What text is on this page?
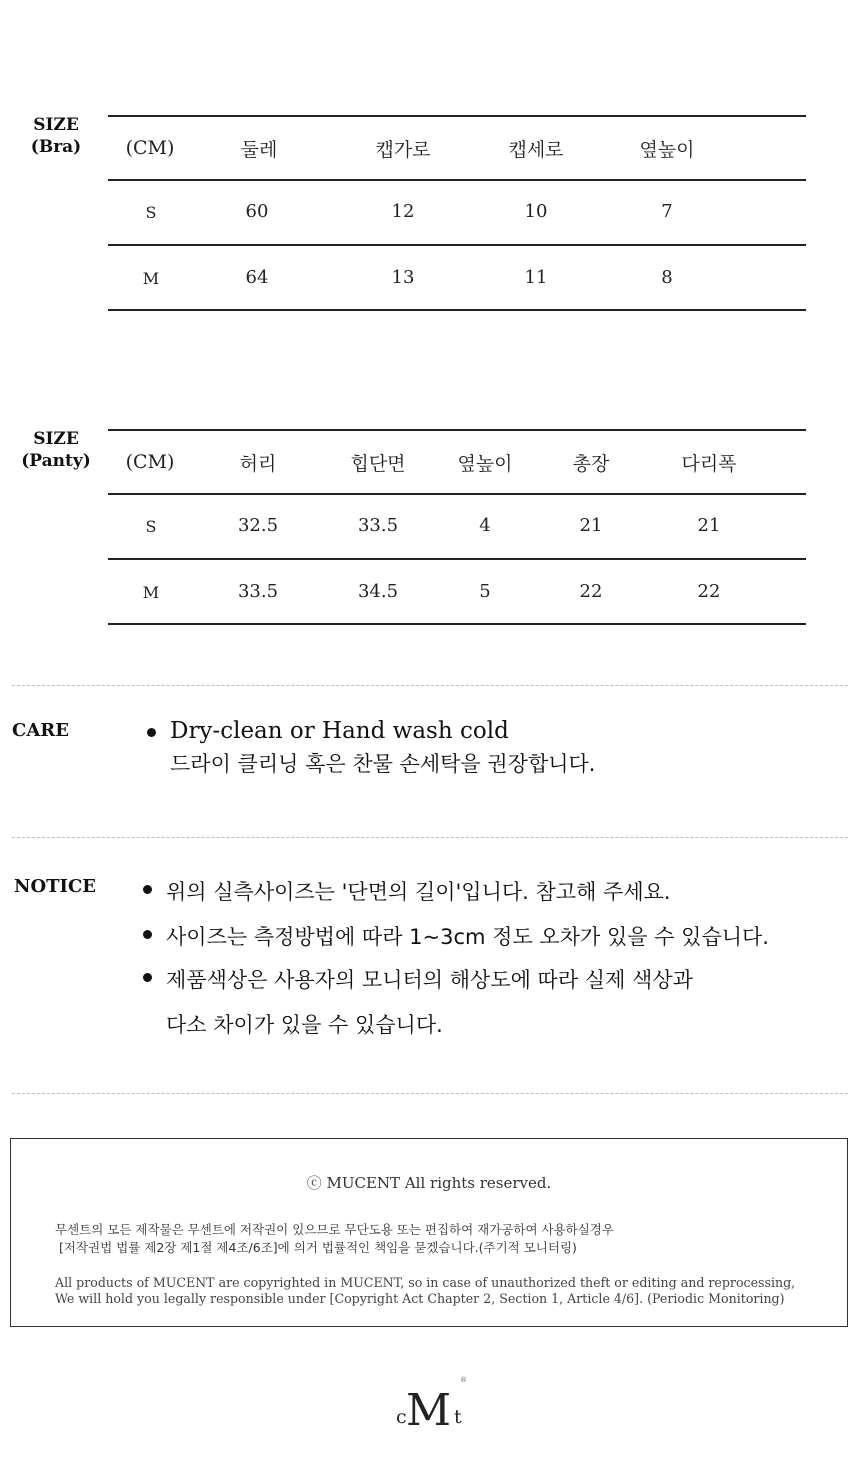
SIZE
(Bra)	(CM)	둘레	캡가로	캡세로	옆높이
S	60	12	10	7
M	64	13	11	8
SIZE
(Panty) (CM)	허리	힙단면	옆높이	총장	다리폭
S	32.5	33.5	4	21	21
M	33.5	34.5	5	22	22
CARE	Dry-clean or Hand wash cold
드라이 클리닝 혹은 찬물 손세탁을 권장합니다.
NOTICE	위의 실측사이즈는 '단면의 길이'입니다. 참고해 주세요.
사이즈는 측정방법에 따라 1~3cm 정도 오차가 있을 수 있습니다.
제품색상은 사용자의 모니터의 해상도에 따라 실제 색상과
다소 차이가 있을 수 있습니다.
ⓒ MUCENT All rights reserved.
무센트의 모든 제작물은 무센트에 저작권이 있으므로 무단도용 또는 편집하여 재가공하여 사용하실경우
[저작권법 법률 제2장 제1절 제4조/6조]에 의거 법률적인 책임을 묻겠습니다.(주기적 모니터링)
All products of MUCENT are copyrighted in MUCENT, so in case of unauthorized theft or editing and reprocessing,
We will hold you legally responsible under [Copyright Act Chapter 2, Section 1, Article 4/6]. (Periodic Monitoring)
c M t
®
